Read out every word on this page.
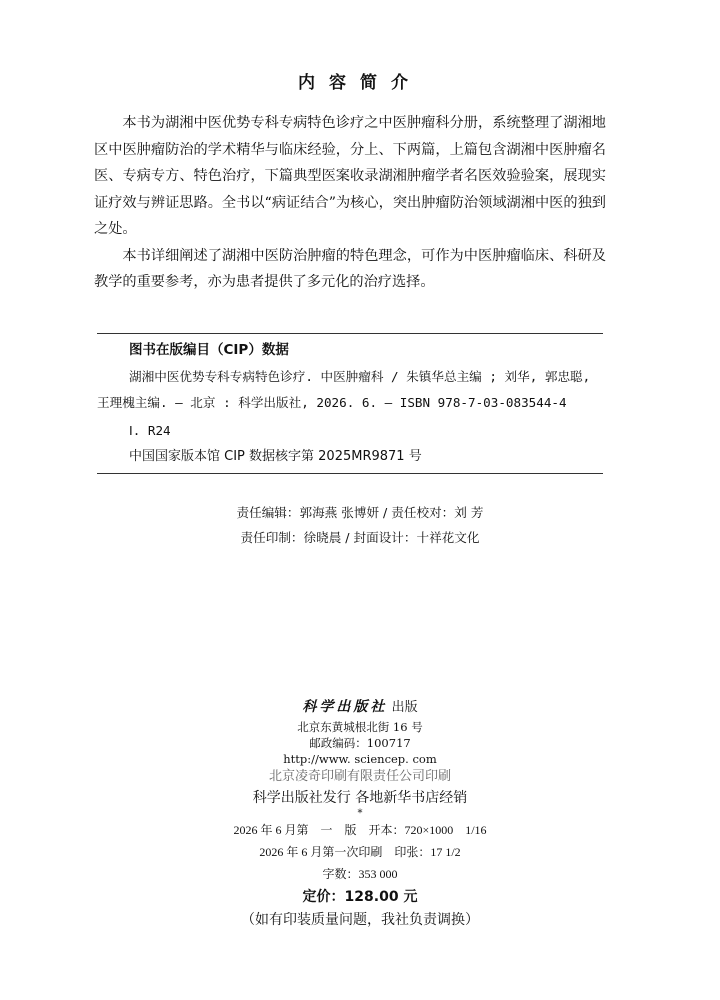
内容简介

本书为湖湘中医优势专科专病特色诊疗之中医肿瘤科分册，系统整理了湖湘地区中医肿瘤防治的学术精华与临床经验，分上、下两篇，上篇包含湖湘中医肿瘤名医、专病专方、特色治疗，下篇典型医案收录湖湘肿瘤学者名医效验验案，展现实证疗效与辨证思路。全书以“病证结合”为核心，突出肿瘤防治领域湖湘中医的独到之处。

本书详细阐述了湖湘中医防治肿瘤的特色理念，可作为中医肿瘤临床、科研及教学的重要参考，亦为患者提供了多元化的治疗选择。

图书在版编目（CIP）数据
湖湘中医优势专科专病特色诊疗. 中医肿瘤科 / 朱镇华总主编 ; 刘华, 郭忠聪, 王理槐主编. — 北京 : 科学出版社, 2026. 6. — ISBN 978-7-03-083544-4
Ⅰ. R24
中国国家版本馆 CIP 数据核字第 2025MR9871 号
责任编辑：郭海燕 张博妍 / 责任校对：刘 芳
责任印制：徐晓晨 / 封面设计：十祥花文化
科学出版社 出版
北京东黄城根北街 16 号
邮政编码：100717
http://www. sciencep. com
北京凌奇印刷有限责任公司印刷
科学出版社发行 各地新华书店经销
*
2026 年 6 月第　一　版　开本：720×1000　1/16
2026 年 6 月第一次印刷　印张：17 1/2
字数：353 000
定价：128.00 元
（如有印装质量问题，我社负责调换）
